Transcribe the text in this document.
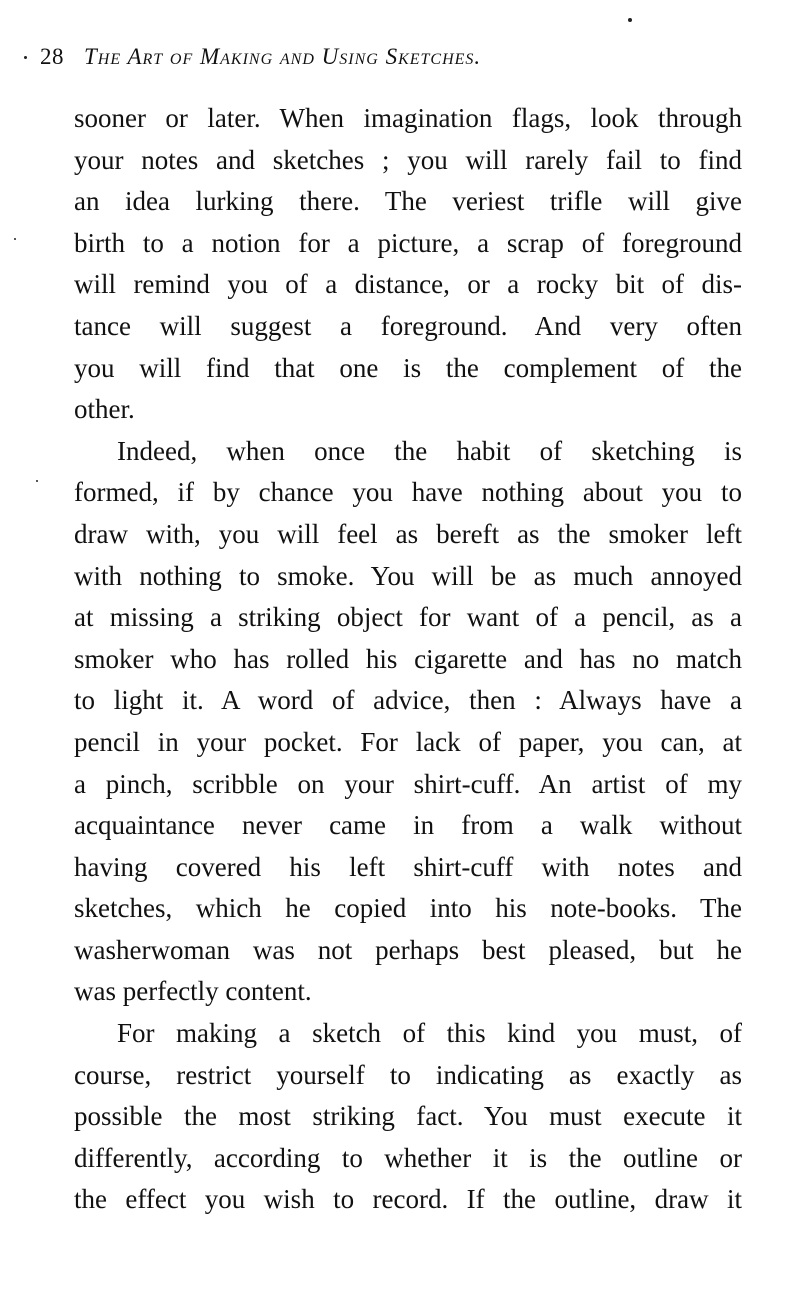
28 The Art of Making and Using Sketches.
sooner or later. When imagination flags, look through
your notes and sketches ; you will rarely fail to find
an idea lurking there. The veriest trifle will give
birth to a notion for a picture, a scrap of foreground
will remind you of a distance, or a rocky bit of dis-
tance will suggest a foreground. And very often
you will find that one is the complement of the
other.
Indeed, when once the habit of sketching is
formed, if by chance you have nothing about you to
draw with, you will feel as bereft as the smoker left
with nothing to smoke. You will be as much annoyed
at missing a striking object for want of a pencil, as a
smoker who has rolled his cigarette and has no match
to light it. A word of advice, then : Always have a
pencil in your pocket. For lack of paper, you can, at
a pinch, scribble on your shirt-cuff. An artist of my
acquaintance never came in from a walk without
having covered his left shirt-cuff with notes and
sketches, which he copied into his note-books. The
washerwoman was not perhaps best pleased, but he
was perfectly content.
For making a sketch of this kind you must, of
course, restrict yourself to indicating as exactly as
possible the most striking fact. You must execute it
differently, according to whether it is the outline or
the effect you wish to record. If the outline, draw it
